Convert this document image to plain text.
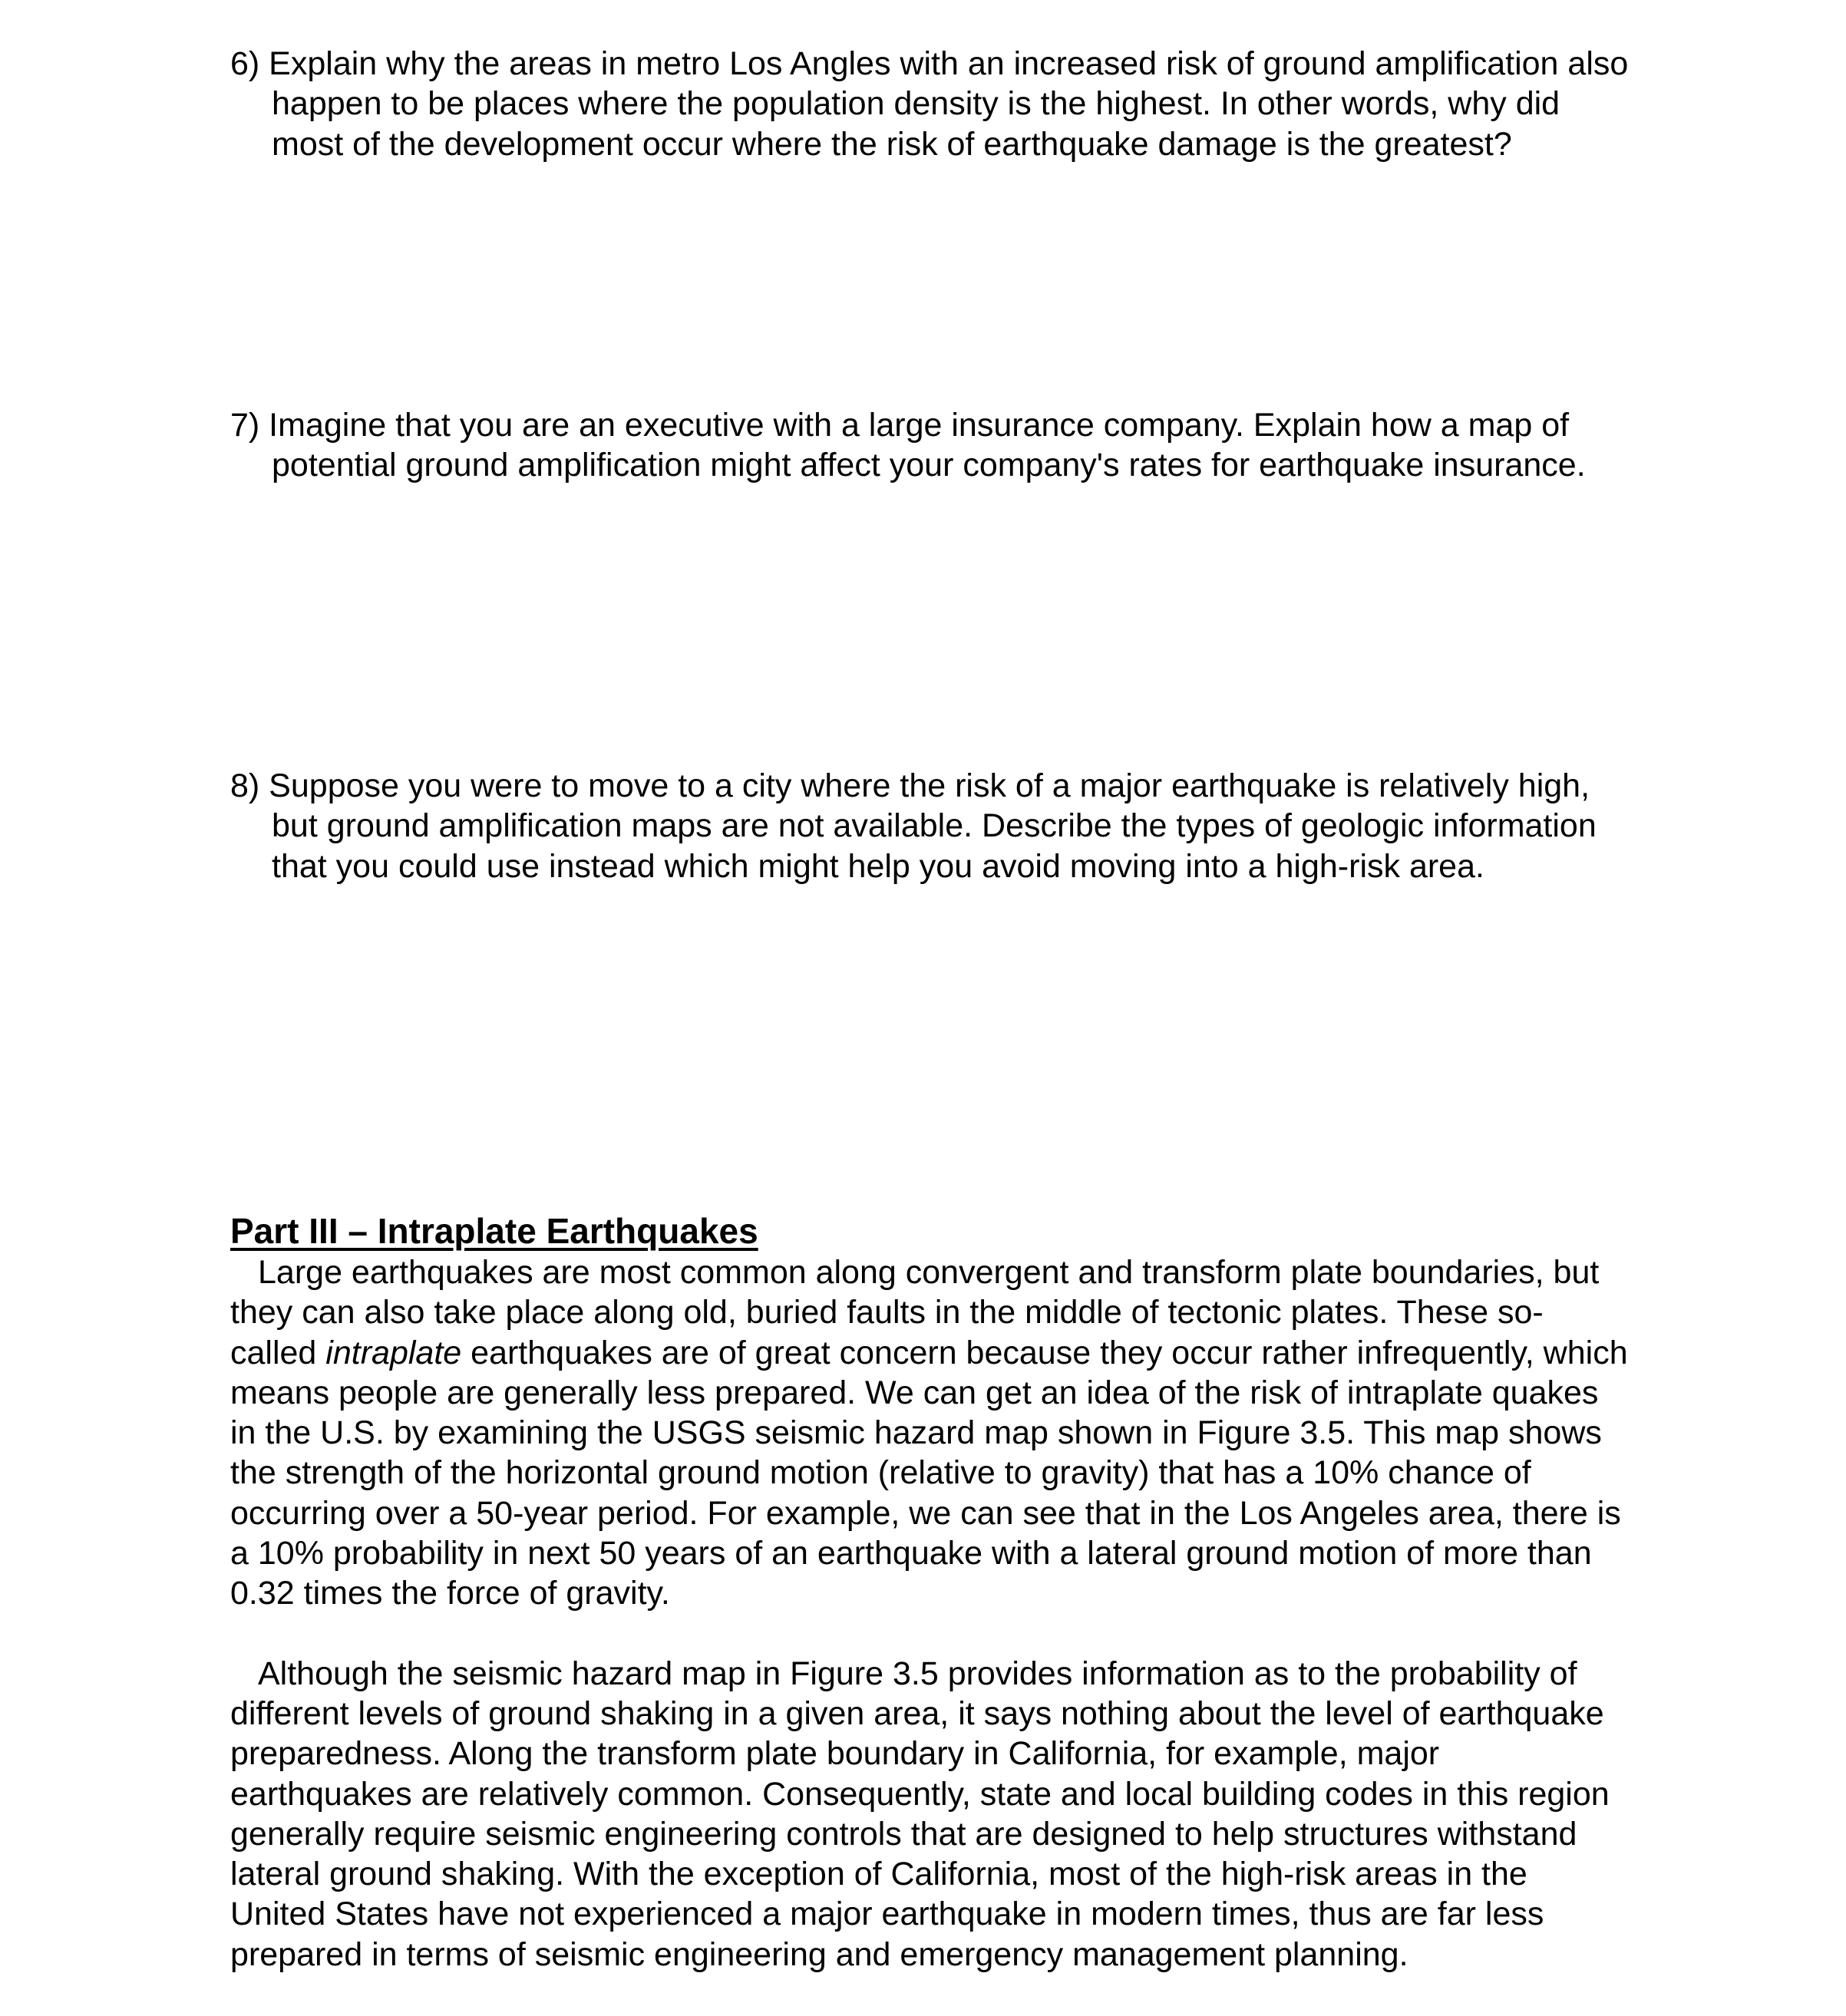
6) Explain why the areas in metro Los Angles with an increased risk of ground amplification also
happen to be places where the population density is the highest. In other words, why did
most of the development occur where the risk of earthquake damage is the greatest?
7) Imagine that you are an executive with a large insurance company. Explain how a map of
potential ground amplification might affect your company's rates for earthquake insurance.
8) Suppose you were to move to a city where the risk of a major earthquake is relatively high,
but ground amplification maps are not available. Describe the types of geologic information
that you could use instead which might help you avoid moving into a high-risk area.
Part III – Intraplate Earthquakes
Large earthquakes are most common along convergent and transform plate boundaries, but
they can also take place along old, buried faults in the middle of tectonic plates. These so-
called intraplate earthquakes are of great concern because they occur rather infrequently, which
means people are generally less prepared. We can get an idea of the risk of intraplate quakes
in the U.S. by examining the USGS seismic hazard map shown in Figure 3.5. This map shows
the strength of the horizontal ground motion (relative to gravity) that has a 10% chance of
occurring over a 50-year period. For example, we can see that in the Los Angeles area, there is
a 10% probability in next 50 years of an earthquake with a lateral ground motion of more than
0.32 times the force of gravity.
Although the seismic hazard map in Figure 3.5 provides information as to the probability of
different levels of ground shaking in a given area, it says nothing about the level of earthquake
preparedness. Along the transform plate boundary in California, for example, major
earthquakes are relatively common. Consequently, state and local building codes in this region
generally require seismic engineering controls that are designed to help structures withstand
lateral ground shaking. With the exception of California, most of the high-risk areas in the
United States have not experienced a major earthquake in modern times, thus are far less
prepared in terms of seismic engineering and emergency management planning.
